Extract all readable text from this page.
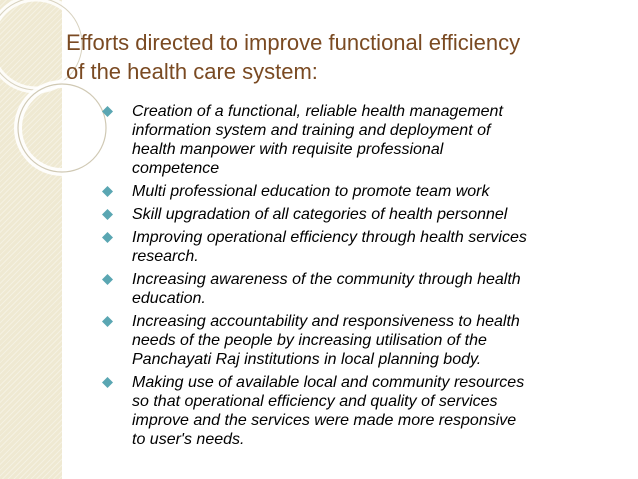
Efforts directed to improve functional efficiency
of the health care system:
Creation of a functional, reliable health management
information system and training and deployment of
health manpower with requisite professional
competence
Multi professional education to promote team work
Skill upgradation of all categories of health personnel
Improving operational efficiency through health services
research.
Increasing awareness of the community through health
education.
Increasing accountability and responsiveness to health
needs of the people by increasing utilisation of the
Panchayati Raj institutions in local planning body.
Making use of available local and community resources
so that operational efficiency and quality of services
improve and the services were made more responsive
to user's needs.
